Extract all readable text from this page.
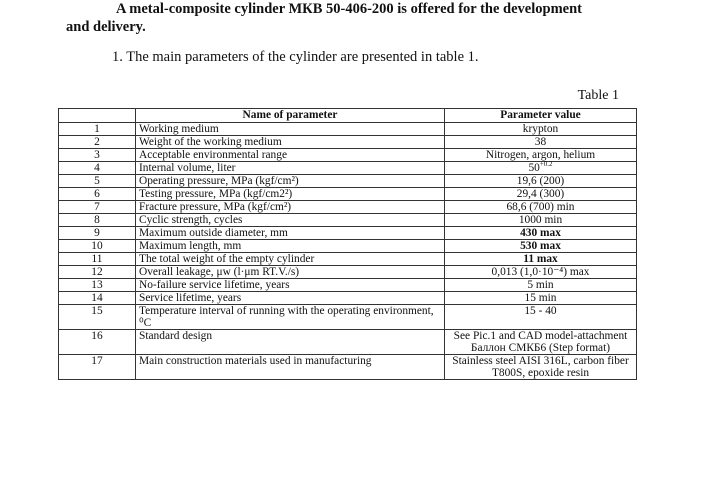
A metal-composite cylinder МКВ 50-406-200 is offered for the development
and delivery.
1. The main parameters of the cylinder are presented in table 1.
Table 1
	Name of parameter	Parameter value
1	Working medium	krypton
2	Weight of the working medium	38
3	Acceptable environmental range	Nitrogen, argon, helium
4	Internal volume, liter	$50^{+0.2}$
5	Operating pressure, MPa (kgf/cm²)	19,6 (200)
6	Testing pressure, MPa (kgf/cm2²)	29,4 (300)
7	Fracture pressure, MPa (kgf/cm²)	68,6 (700) min
8	Cyclic strength, cycles	1000 min
9	Maximum outside diameter, mm	430 max
10	Maximum length, mm	530 max
11	The total weight of the empty cylinder	11 max
12	Overall leakage, μw (l·μm RT.V./s)	0,013 (1,0·10⁻⁴) max
13	No-failure service lifetime, years	5 min
14	Service lifetime, years	15 min
15	Temperature interval of running with the operating environment, ⁰C	15 - 40
16	Standard design	See Pic.1 and CAD model-attachment Баллон СМКБ6 (Step format)
17	Main construction materials used in manufacturing	Stainless steel AISI 316L, carbon fiber T800S, epoxide resin
